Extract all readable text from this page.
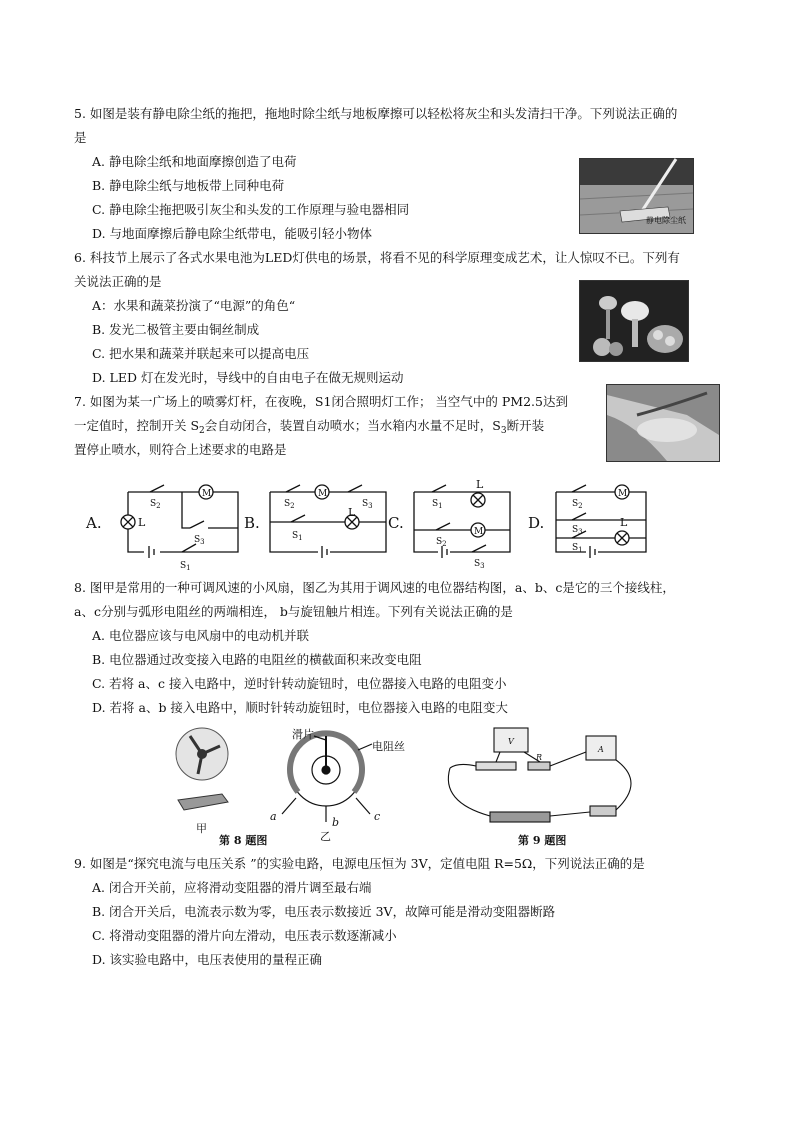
5. 如图是装有静电除尘纸的拖把，拖地时除尘纸与地板摩擦可以轻松将灰尘和头发清扫干净。下列说法正确的
是
A. 静电除尘纸和地面摩擦创造了电荷
B. 静电除尘纸与地板带上同种电荷
C. 静电除尘拖把吸引灰尘和头发的工作原理与验电器相同
D. 与地面摩擦后静电除尘纸带电，能吸引轻小物体
静电除尘纸
6. 科技节上展示了各式水果电池为LED灯供电的场景，将看不见的科学原理变成艺术，让人惊叹不已。下列有
关说法正确的是
A：水果和蔬菜扮演了“电源”的角色“
B. 发光二极管主要由铜丝制成
C. 把水果和蔬菜并联起来可以提高电压
D. LED 灯在发光时，导线中的自由电子在做无规则运动
7. 如图为某一广场上的喷雾灯杆，在夜晚，S1闭合照明灯工作； 当空气中的 PM2.5达到
一定值时，控制开关 $S_2$会自动闭合，装置自动喷水；当水箱内水量不足时，$S_3$断开装
置停止喷水，则符合上述要求的电路是
A.	L
M
$S_2$
$S_3$
$S_1$
B.
M
L
$S_2$	$S_3$
$S_1$
C.
L
M
$S_1$
$S_2$
$S_3$
D.
M
L
$S_2$
$S_3$
$S_1$
8. 图甲是常用的一种可调风速的小风扇，图乙为其用于调风速的电位器结构图，a、b、c是它的三个接线柱，
a、c分别与弧形电阻丝的两端相连， b与旋钮触片相连。下列有关说法正确的是
A. 电位器应该与电风扇中的电动机并联
B. 电位器通过改变接入电路的电阻丝的横截面积来改变电阻
C. 若将 a、c 接入电路中，逆时针转动旋钮时，电位器接入电路的电阻变小
D. 若将 a、b 接入电路中，顺时针转动旋钮时，电位器接入电路的电阻变大
滑片
电阻丝
a	b	c
甲
乙
第 8 题图
V
A
R
第 9 题图
9. 如图是“探究电流与电压关系 ”的实验电路，电源电压恒为 3V，定值电阻 R=5Ω，下列说法正确的是
A. 闭合开关前，应将滑动变阻器的滑片调至最右端
B. 闭合开关后，电流表示数为零，电压表示数接近 3V，故障可能是滑动变阻器断路
C. 将滑动变阻器的滑片向左滑动，电压表示数逐渐减小
D. 该实验电路中，电压表使用的量程正确
